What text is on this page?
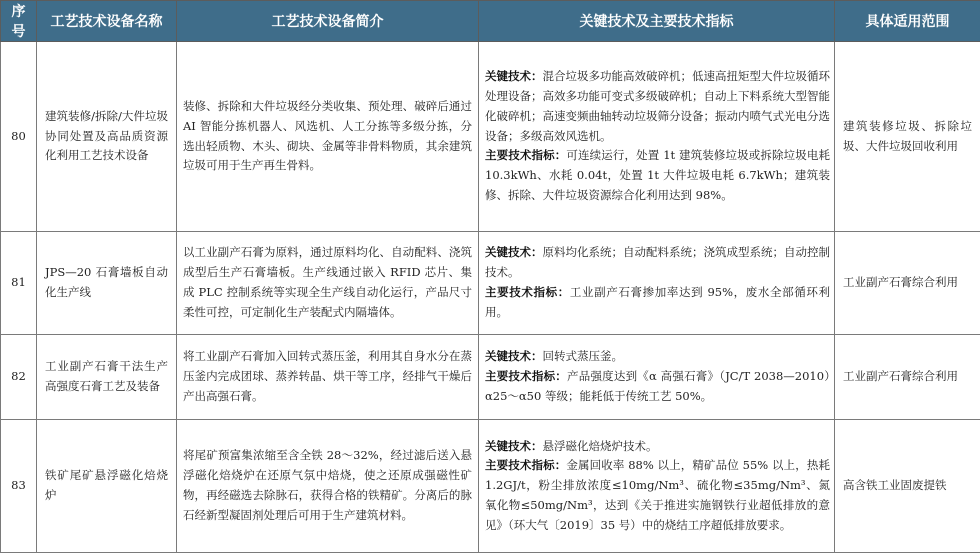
序号	工艺技术设备名称	工艺技术设备简介	关键技术及主要技术指标	具体适用范围
80	建筑装修/拆除/大件垃圾协同处置及高品质资源化利用工艺技术设备	装修、拆除和大件垃圾经分类收集、预处理、破碎后通过 AI 智能分拣机器人、风选机、人工分拣等多级分拣，分选出轻质物、木头、砌块、金属等非骨料物质，其余建筑垃圾可用于生产再生骨料。	关键技术：混合垃圾多功能高效破碎机；低速高扭矩型大件垃圾循环处理设备；高效多功能可变式多级破碎机；自动上下料系统大型智能化破碎机；高速变频曲轴转动垃圾筛分设备；振动内喷气式光电分选设备；多级高效风选机。
主要技术指标：可连续运行，处置 1t 建筑装修垃圾或拆除垃圾电耗 10.3kWh、水耗 0.04t，处置 1t 大件垃圾电耗 6.7kWh；建筑装修、拆除、大件垃圾资源综合化利用达到 98%。	建筑装修垃圾、拆除垃圾、大件垃圾回收利用
81	JPS—20 石膏墙板自动化生产线	以工业副产石膏为原料，通过原料均化、自动配料、浇筑成型后生产石膏墙板。生产线通过嵌入 RFID 芯片、集成 PLC 控制系统等实现全生产线自动化运行，产品尺寸柔性可控，可定制化生产装配式内隔墙体。	关键技术：原料均化系统；自动配料系统；浇筑成型系统；自动控制技术。
主要技术指标：工业副产石膏掺加率达到 95%，废水全部循环利用。	工业副产石膏综合利用
82	工业副产石膏干法生产高强度石膏工艺及装备	将工业副产石膏加入回转式蒸压釜，利用其自身水分在蒸压釜内完成团球、蒸养转晶、烘干等工序，经排气干燥后产出高强石膏。	关键技术：回转式蒸压釜。
主要技术指标：产品强度达到《α 高强石膏》（JC/T 2038—2010）α25～α50 等级；能耗低于传统工艺 50%。	工业副产石膏综合利用
83	铁矿尾矿悬浮磁化焙烧炉	将尾矿预富集浓缩至含全铁 28～32%，经过滤后送入悬浮磁化焙烧炉在还原气氛中焙烧，使之还原成强磁性矿物，再经磁选去除脉石，获得合格的铁精矿。分离后的脉石经新型凝固剂处理后可用于生产建筑材料。	关键技术：悬浮磁化焙烧炉技术。
主要技术指标：金属回收率 88% 以上，精矿品位 55% 以上，热耗 1.2GJ/t，粉尘排放浓度≤10mg/Nm³、硫化物≤35mg/Nm³、氮氧化物≤50mg/Nm³，达到《关于推进实施钢铁行业超低排放的意见》（环大气〔2019〕35 号）中的烧结工序超低排放要求。	高含铁工业固废提铁
